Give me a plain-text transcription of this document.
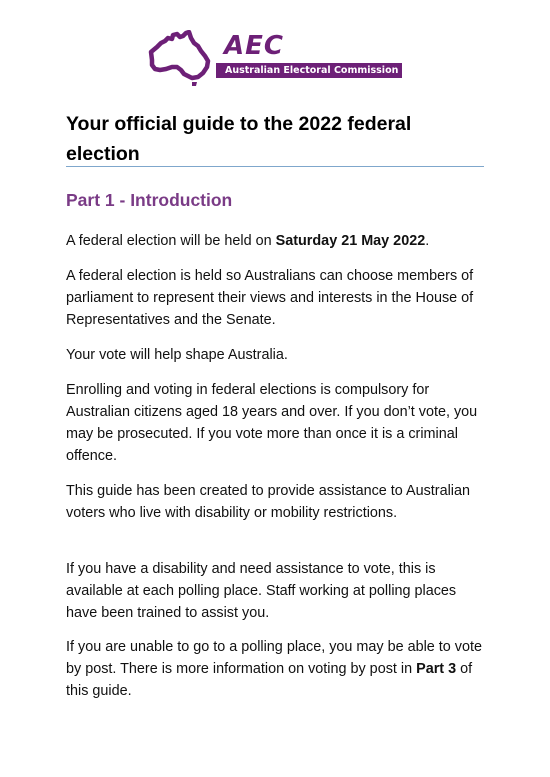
AEC
Australian Electoral Commission
Your official guide to the 2022 federal election
Part 1 - Introduction

A federal election will be held on Saturday 21 May 2022.

A federal election is held so Australians can choose members of parliament to represent their views and interests in the House of Representatives and the Senate.

Your vote will help shape Australia.

Enrolling and voting in federal elections is compulsory for Australian citizens aged 18 years and over. If you don’t vote, you may be prosecuted. If you vote more than once it is a criminal offence.

This guide has been created to provide assistance to Australian voters who live with disability or mobility restrictions.

If you have a disability and need assistance to vote, this is available at each polling place. Staff working at polling places have been trained to assist you.

If you are unable to go to a polling place, you may be able to vote by post. There is more information on voting by post in Part 3 of this guide.
